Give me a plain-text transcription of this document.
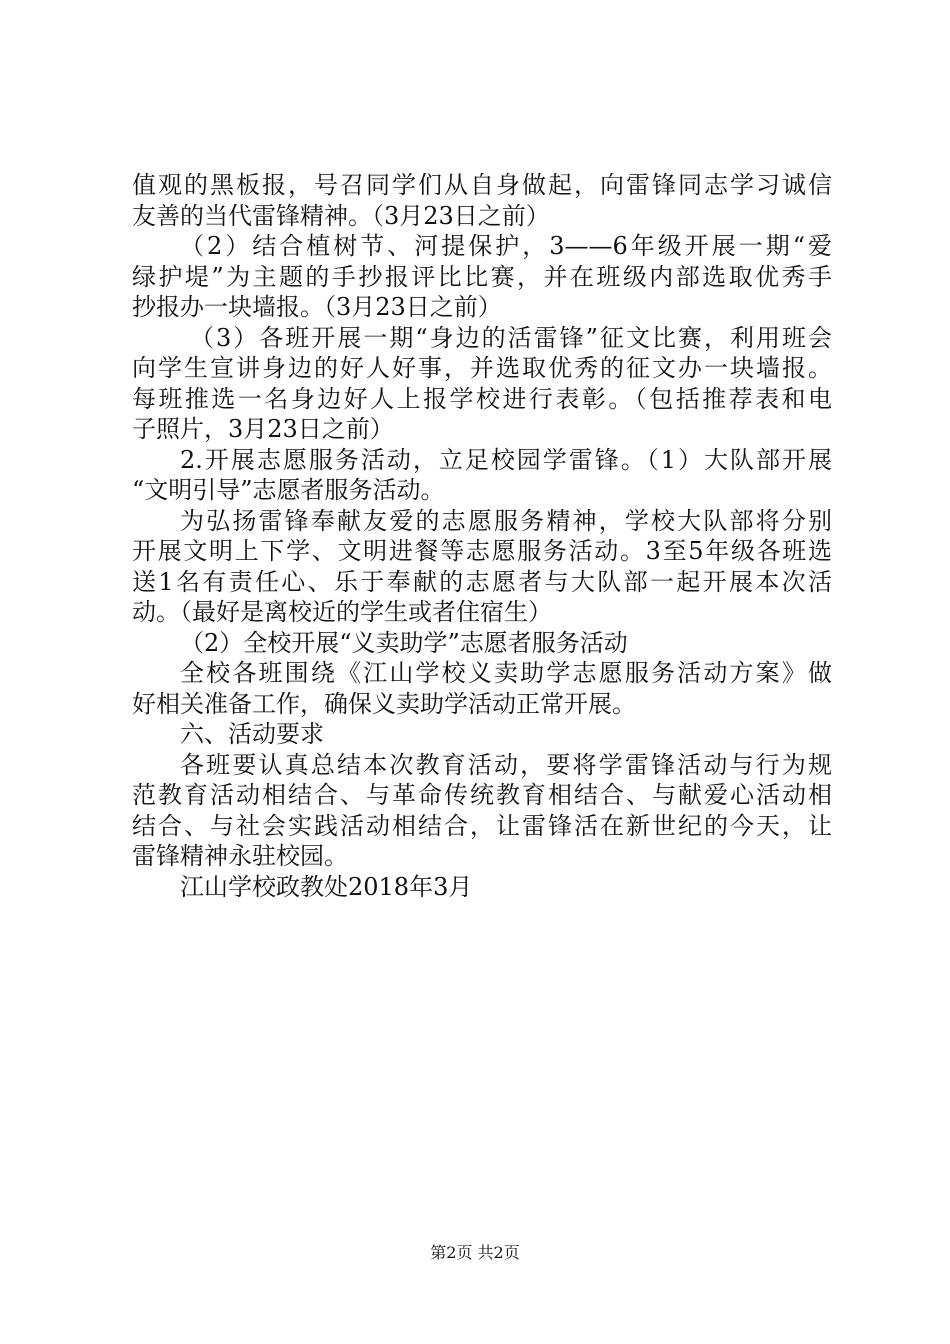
值观的黑板报，号召同学们从自身做起，向雷锋同志学习诚信
友善的当代雷锋精神。（3月23日之前）
（2）结合植树节、河提保护，3——6年级开展一期“爱
绿护堤”为主题的手抄报评比比赛，并在班级内部选取优秀手
抄报办一块墙报。（3月23日之前）
（3）各班开展一期“身边的活雷锋”征文比赛，利用班会
向学生宣讲身边的好人好事，并选取优秀的征文办一块墙报。
每班推选一名身边好人上报学校进行表彰。（包括推荐表和电
子照片，3月23日之前）
2.开展志愿服务活动，立足校园学雷锋。（1）大队部开展
“文明引导”志愿者服务活动。
为弘扬雷锋奉献友爱的志愿服务精神，学校大队部将分别
开展文明上下学、文明进餐等志愿服务活动。3至5年级各班选
送1名有责任心、乐于奉献的志愿者与大队部一起开展本次活
动。（最好是离校近的学生或者住宿生）
（2）全校开展“义卖助学”志愿者服务活动
全校各班围绕《江山学校义卖助学志愿服务活动方案》做
好相关准备工作，确保义卖助学活动正常开展。
六、活动要求
各班要认真总结本次教育活动，要将学雷锋活动与行为规
范教育活动相结合、与革命传统教育相结合、与献爱心活动相
结合、与社会实践活动相结合，让雷锋活在新世纪的今天，让
雷锋精神永驻校园。
江山学校政教处2018年3月
第2页 共2页
